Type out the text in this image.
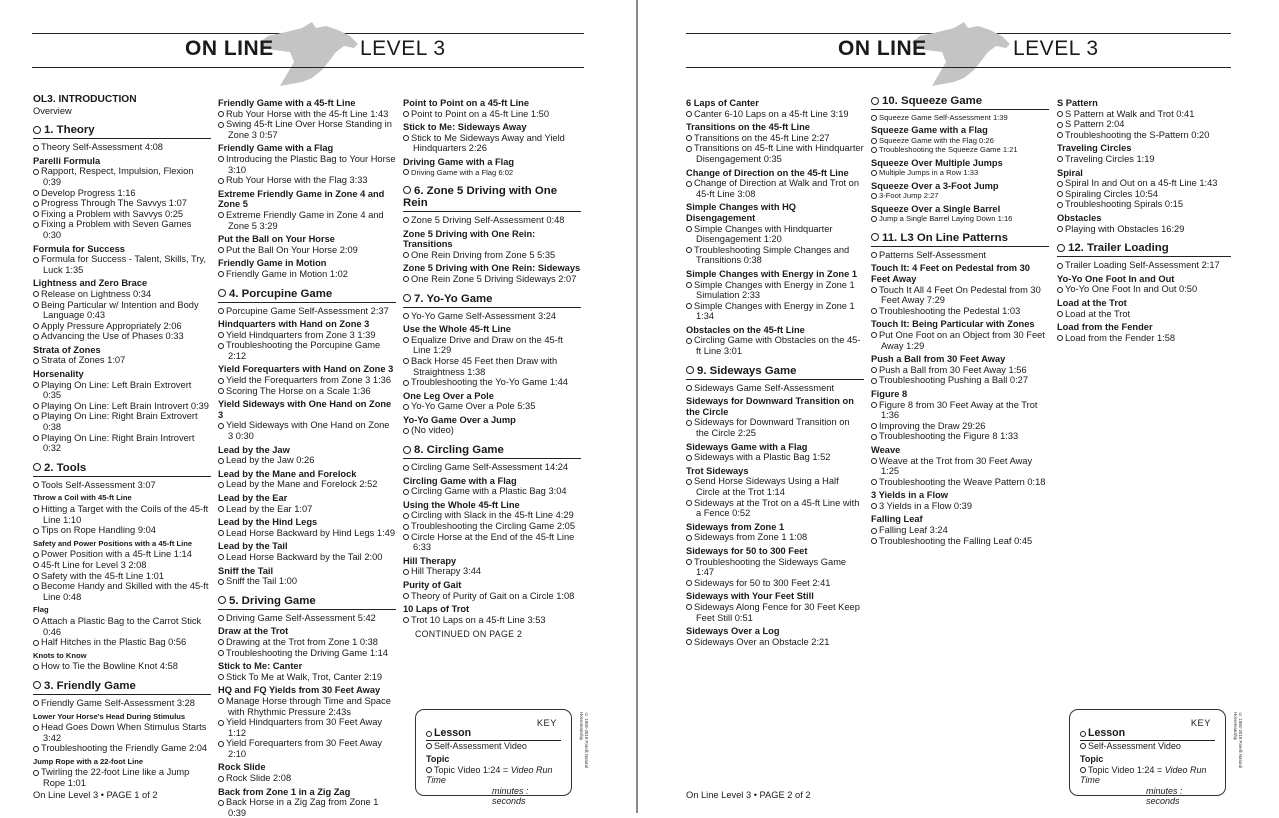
ON LINE	LEVEL 3
OL3. INTRODUCTION
Overview
1. Theory
Theory Self-Assessment 4:08
Parelli Formula
Rapport, Respect, Impulsion, Flexion 0:39
Develop Progress 1:16
Progress Through The Savvys 1:07
Fixing a Problem with Savvys 0:25
Fixing a Problem with Seven Games 0:30
Formula for Success
Formula for Success - Talent, Skills, Try, Luck 1:35
Lightness and Zero Brace
Release on Lightness 0:34
Being Particular w/ Intention and Body Language 0:43
Apply Pressure Appropriately 2:06
Advancing the Use of Phases 0:33
Strata of Zones
Strata of Zones 1:07
Horsenality
Playing On Line: Left Brain Extrovert 0:35
Playing On Line: Left Brain Introvert 0:39
Playing On Line: Right Brain Extrovert 0:38
Playing On Line: Right Brain Introvert 0:32
2. Tools
Tools Self-Assessment 3:07
Throw a Coil with 45-ft Line
Hitting a Target with the Coils of the 45-ft Line 1:10
Tips on Rope Handling 9:04
Safety and Power Positions with a 45-ft Line
Power Position with a 45-ft Line 1:14
45-ft Line for Level 3 2:08
Safety with the 45-ft Line 1:01
Become Handy and Skilled with the 45-ft Line 0:48
Flag
Attach a Plastic Bag to the Carrot Stick 0:46
Half Hitches in the Plastic Bag 0:56
Knots to Know
How to Tie the Bowline Knot 4:58
3. Friendly Game
Friendly Game Self-Assessment 3:28
Lower Your Horse's Head During Stimulus
Head Goes Down When Stimulus Starts 3:42
Troubleshooting the Friendly Game 2:04
Jump Rope with a 22-foot Line
Twirling the 22-foot Line like a Jump Rope 1:01
Friendly Game with a 45-ft Line
Rub Your Horse with the 45-ft Line 1:43
Swing 45-ft Line Over Horse Standing in Zone 3 0:57
Friendly Game with a Flag
Introducing the Plastic Bag to Your Horse 3:10
Rub Your Horse with the Flag 3:33
Extreme Friendly Game in Zone 4 and Zone 5
Extreme Friendly Game in Zone 4 and Zone 5 3:29
Put the Ball on Your Horse
Put the Ball On Your Horse 2:09
Friendly Game in Motion
Friendly Game in Motion 1:02
4. Porcupine Game
Porcupine Game Self-Assessment 2:37
Hindquarters with Hand on Zone 3
Yield Hindquarters from Zone 3 1:39
Troubleshooting the Porcupine Game 2:12
Yield Forequarters with Hand on Zone 3
Yield the Forequarters from Zone 3 1:36
Scoring The Horse on a Scale 1:36
Yield Sideways with One Hand on Zone 3
Yield Sideways with One Hand on Zone 3 0:30
Lead by the Jaw
Lead by the Jaw 0:26
Lead by the Mane and Forelock
Lead by the Mane and Forelock 2:52
Lead by the Ear
Lead by the Ear 1:07
Lead by the Hind Legs
Lead Horse Backward by Hind Legs 1:49
Lead by the Tail
Lead Horse Backward by the Tail 2:00
Sniff the Tail
Sniff the Tail 1:00
5. Driving Game
Driving Game Self-Assessment 5:42
Draw at the Trot
Drawing at the Trot from Zone 1 0:38
Troubleshooting the Driving Game 1:14
Stick to Me: Canter
Stick To Me at Walk, Trot, Canter 2:19
HQ and FQ Yields from 30 Feet Away
Manage Horse through Time and Space with Rhythmic Pressure 2:43s
Yield Hindquarters from 30 Feet Away 1:12
Yield Forequarters from 30 Feet Away 2:10
Rock Slide
Rock Slide 2:08
Back from Zone 1 in a Zig Zag
Back Horse in a Zig Zag from Zone 1 0:39
Point to Point on a 45-ft Line
Point to Point on a 45-ft Line 1:50
Stick to Me: Sideways Away
Stick to Me Sideways Away and Yield Hindquarters 2:26
Driving Game with a Flag
Driving Game with a Flag 6:02
6. Zone 5 Driving with One Rein
Zone 5 Driving Self-Assessment 0:48
Zone 5 Driving with One Rein: Transitions
One Rein Driving from Zone 5 5:35
Zone 5 Driving with One Rein: Sideways
One Rein Zone 5 Driving Sideways 2:07
7. Yo-Yo Game
Yo-Yo Game Self-Assessment 3:24
Use the Whole 45-ft Line
Equalize Drive and Draw on the 45-ft Line 1:29
Back Horse 45 Feet then Draw with Straightness 1:38
Troubleshooting the Yo-Yo Game 1:44
One Leg Over a Pole
Yo-Yo Game Over a Pole 5:35
Yo-Yo Game Over a Jump
(No video)
8. Circling Game
Circling Game Self-Assessment 14:24
Circling Game with a Flag
Circling Game with a Plastic Bag 3:04
Using the Whole 45-ft Line
Circling with Slack in the 45-ft Line 4:29
Troubleshooting the Circling Game 2:05
Circle Horse at the End of the 45-ft Line 6:33
Hill Therapy
Hill Therapy 3:44
Purity of Gait
Theory of Purity of Gait on a Circle 1:08
10 Laps of Trot
Trot 10 Laps on a 45-ft Line 3:53
CONTINUED ON PAGE 2
KEY
Lesson
Self-Assessment Video
Topic
Topic Video 1:24 = Video Run Time
minutes : seconds
© 1992-2018 Parelli Natural Horsemanship
On Line Level 3 • PAGE 1 of 2
ON LINE	LEVEL 3
6 Laps of Canter
Canter 6-10 Laps on a 45-ft Line 3:19
Transitions on the 45-ft Line
Transitions on the 45-ft Line 2:27
Transitions on 45-ft Line with Hindquarter Disengagement 0:35
Change of Direction on the 45-ft Line
Change of Direction at Walk and Trot on 45-ft Line 3:08
Simple Changes with HQ Disengagement
Simple Changes with Hindquarter Disengagement 1:20
Troubleshooting Simple Changes and Transitions 0:38
Simple Changes with Energy in Zone 1
Simple Changes with Energy in Zone 1 Simulation 2:33
Simple Changes with Energy in Zone 1 1:34
Obstacles on the 45-ft Line
Circling Game with Obstacles on the 45-ft Line 3:01
9. Sideways Game
Sideways Game Self-Assessment
Sideways for Downward Transition on the Circle
Sideways for Downward Transition on the Circle 2:25
Sideways Game with a Flag
Sideways with a Plastic Bag 1:52
Trot Sideways
Send Horse Sideways Using a Half Circle at the Trot 1:14
Sideways at the Trot on a 45-ft Line with a Fence 0:52
Sideways from Zone 1
Sideways from Zone 1 1:08
Sideways for 50 to 300 Feet
Troubleshooting the Sideways Game 1:47
Sideways for 50 to 300 Feet 2:41
Sideways with Your Feet Still
Sideways Along Fence for 30 Feet Keep Feet Still 0:51
Sideways Over a Log
Sideways Over an Obstacle 2:21
10. Squeeze Game
Squeeze Game Self-Assessment 1:39
Squeeze Game with a Flag
Squeeze Game with the Flag 0:26
Troubleshooting the Squeeze Game 1:21
Squeeze Over Multiple Jumps
Multiple Jumps in a Row 1:33
Squeeze Over a 3-Foot Jump
3-Foot Jump 2:27
Squeeze Over a Single Barrel
Jump a Single Barrel Laying Down 1:16
11. L3 On Line Patterns
Patterns Self-Assessment
Touch It: 4 Feet on Pedestal from 30 Feet Away
Touch It All 4 Feet On Pedestal from 30 Feet Away 7:29
Troubleshooting the Pedestal 1:03
Touch It: Being Particular with Zones
Put One Foot on an Object from 30 Feet Away 1:29
Push a Ball from 30 Feet Away
Push a Ball from 30 Feet Away 1:56
Troubleshooting Pushing a Ball 0:27
Figure 8
Figure 8 from 30 Feet Away at the Trot 1:36
Improving the Draw 29:26
Troubleshooting the Figure 8 1:33
Weave
Weave at the Trot from 30 Feet Away 1:25
Troubleshooting the Weave Pattern 0:18
3 Yields in a Flow
3 Yields in a Flow 0:39
Falling Leaf
Falling Leaf 3:24
Troubleshooting the Falling Leaf 0:45
S Pattern
S Pattern at Walk and Trot 0:41
S Pattern 2:04
Troubleshooting the S-Pattern 0:20
Traveling Circles
Traveling Circles 1:19
Spiral
Spiral In and Out on a 45-ft Line 1:43
Spiraling Circles 10:54
Troubleshooting Spirals 0:15
Obstacles
Playing with Obstacles 16:29
12. Trailer Loading
Trailer Loading Self-Assessment 2:17
Yo-Yo One Foot In and Out
Yo-Yo One Foot In and Out 0:50
Load at the Trot
Load at the Trot
Load from the Fender
Load from the Fender 1:58
KEY
Lesson
Self-Assessment Video
Topic
Topic Video 1:24 = Video Run Time
minutes : seconds
© 1992-2018 Parelli Natural Horsemanship
On Line Level 3 • PAGE 2 of 2
